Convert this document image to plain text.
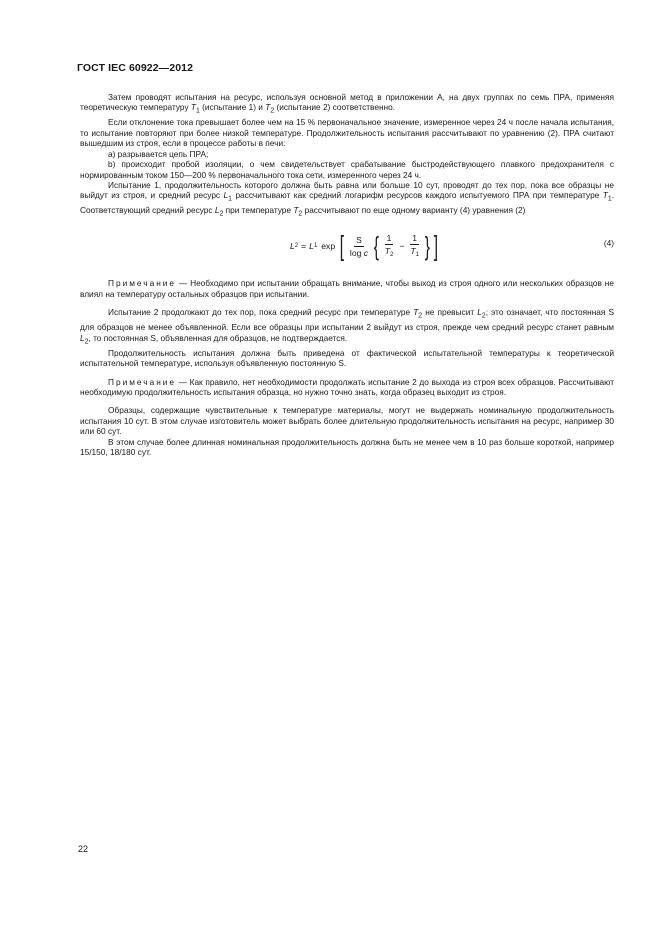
ГОСТ IEC 60922—2012

Затем проводят испытания на ресурс, используя основной метод в приложении А, на двух группах по семь ПРА, применяя теоретическую температуру $T_1$ (испытание 1) и $T_2$ (испытание 2) соответственно.

Если отклонение тока превышает более чем на 15 % первоначальное значение, измеренное через 24 ч после начала испытания, то испытание повторяют при более низкой температуре. Продолжительность испытания рассчитывают по уравнению (2). ПРА считают вышедшим из строя, если в процессе работы в печи:

а) разрывается цепь ПРА;

b) происходит пробой изоляции, о чем свидетельствует срабатывание быстродействующего плавкого предохранителя с нормированным током 150—200 % первоначального тока сети, измеренного через 24 ч.

Испытание 1, продолжительность которого должна быть равна или больше 10 сут, проводят до тех пор, пока все образцы не выйдут из строя, и средний ресурс $L_1$ рассчитывают как средний логарифм ресурсов каждого испытуемого ПРА при температуре $T_1$. Соответствующий средний ресурс $L_2$ при температуре $T_2$ рассчитывают по еще одному варианту (4) уравнения (2)

L 2 = L 1 exp [ $\frac{S}{\text{log c}}$ { $\frac{1}{T_2} - \frac{1}{T_1}$ } ]	(4)

Примечание — Необходимо при испытании обращать внимание, чтобы выход из строя одного или нескольких образцов не влиял на температуру остальных образцов при испытании.

Испытание 2 продолжают до тех пор, пока средний ресурс при температуре $T_2$ не превысит $L_2$; это означает, что постоянная S для образцов не менее объявленной. Если все образцы при испытании 2 выйдут из строя, прежде чем средний ресурс станет равным $L_2$, то постоянная S, объявленная для образцов, не подтверждается.

Продолжительность испытания должна быть приведена от фактической испытательной температуры к теоретической испытательной температуре, используя объявленную постоянную S.

Примечание — Как правило, нет необходимости продолжать испытание 2 до выхода из строя всех образцов. Рассчитывают необходимую продолжительность испытания образца, но нужно точно знать, когда образец выходит из строя.

Образцы, содержащие чувствительные к температуре материалы, могут не выдержать номинальную продолжительность испытания 10 сут. В этом случае изготовитель может выбрать более длительную продолжительность испытания на ресурс, например 30 или 60 сут.

В этом случае более длинная номинальная продолжительность должна быть не менее чем в 10 раз больше короткой, например 15/150, 18/180 сут.

22
